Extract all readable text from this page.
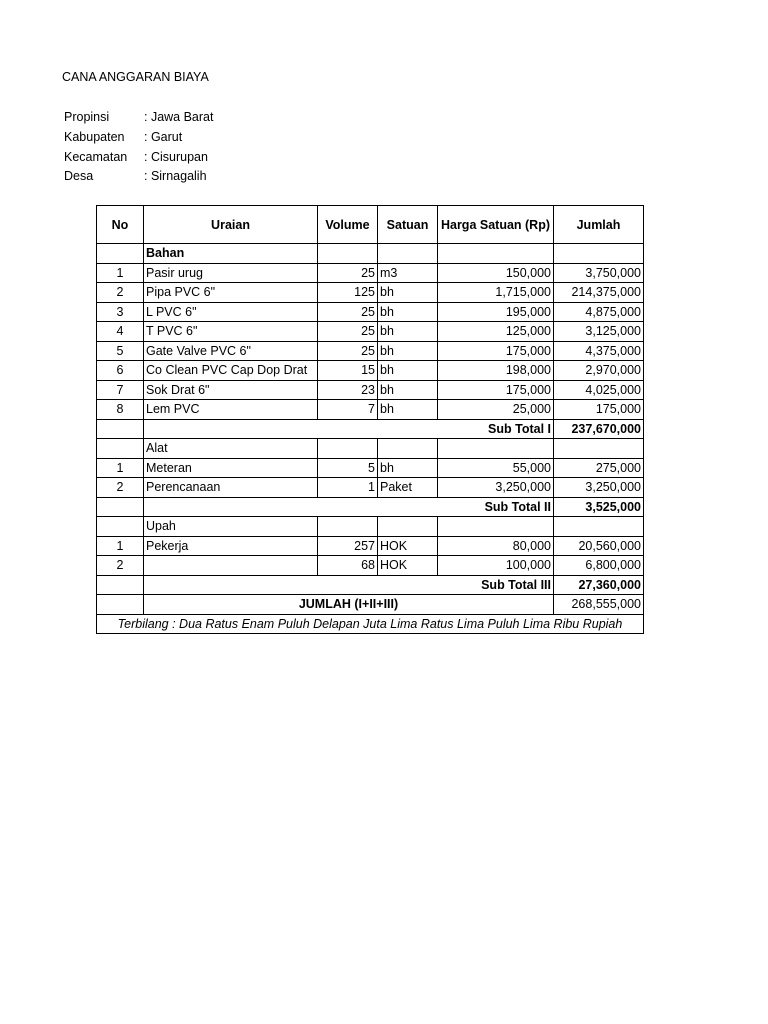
CANA ANGGARAN BIAYA
Propinsi	: Jawa Barat
Kabupaten	: Garut
Kecamatan	: Cisurupan
Desa	: Sirnagalih
No	Uraian	Volume	Satuan	Harga Satuan (Rp)	Jumlah
	Bahan				
1	Pasir urug	25	m3	150,000	3,750,000
2	Pipa PVC 6"	125	bh	1,715,000	214,375,000
3	L PVC 6"	25	bh	195,000	4,875,000
4	T PVC 6"	25	bh	125,000	3,125,000
5	Gate Valve PVC 6"	25	bh	175,000	4,375,000
6	Co Clean PVC Cap Dop Drat	15	bh	198,000	2,970,000
7	Sok Drat 6"	23	bh	175,000	4,025,000
8	Lem PVC	7	bh	25,000	175,000
	Sub Total I				237,670,000
	Alat				
1	Meteran	5	bh	55,000	275,000
2	Perencanaan	1	Paket	3,250,000	3,250,000
	Sub Total II				3,525,000
	Upah				
1	Pekerja	257	HOK	80,000	20,560,000
2		68	HOK	100,000	6,800,000
	Sub Total III				27,360,000
	JUMLAH (I+II+III)				268,555,000
Terbilang : Dua Ratus Enam Puluh Delapan Juta Lima Ratus Lima Puluh Lima Ribu Rupiah					
